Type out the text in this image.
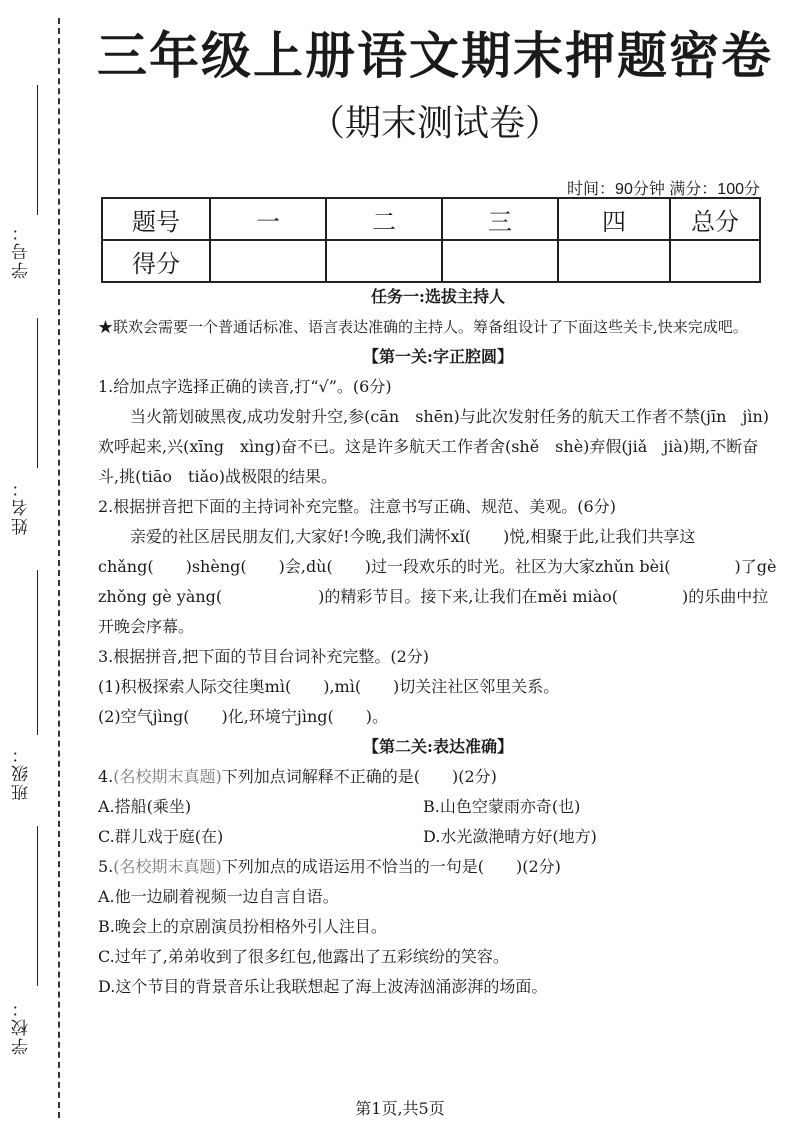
学号：
姓名：
班级：
学校：
三年级上册语文期末押题密卷
（期末测试卷）
时间：90分钟 满分：100分
题号	一	二	三	四	总分
得分					

任务一:选拔主持人

★联欢会需要一个普通话标准、语言表达准确的主持人。筹备组设计了下面这些关卡,快来完成吧。

【第一关:字正腔圆】

1.给加点字选择正确的读音,打“√”。(6分)

当火箭划破黑夜,成功发射升空,参(cān　shēn)与此次发射任务的航天工作者不禁(jīn　jìn)欢呼起来,兴(xīng　xìng)奋不已。这是许多航天工作者舍(shě　shè)弃假(jiǎ　jià)期,不断奋斗,挑(tiāo　tiǎo)战极限的结果。

2.根据拼音把下面的主持词补充完整。注意书写正确、规范、美观。(6分)

亲爱的社区居民朋友们,大家好!今晚,我们满怀xǐ(　　)悦,相聚于此,让我们共享这chǎng(　　)shèng(　　)会,dù(　　)过一段欢乐的时光。社区为大家zhǔn bèi(　　　　)了gè zhǒng gè yàng(　　　　　　)的精彩节目。接下来,让我们在měi miào(　　　　)的乐曲中拉开晚会序幕。

3.根据拼音,把下面的节目台词补充完整。(2分)

(1)积极探索人际交往奥mì(　　),mì(　　)切关注社区邻里关系。

(2)空气jìng(　　)化,环境宁jìng(　　)。

【第二关:表达准确】

4.(名校期末真题)下列加点词解释不正确的是(　　)(2分)

A.搭船(乘坐)	B.山色空蒙雨亦奇(也)
C.群儿戏于庭(在)	D.水光潋滟晴方好(地方)

5.(名校期末真题)下列加点的成语运用不恰当的一句是(　　)(2分)

A.他一边刷着视频一边自言自语。

B.晚会上的京剧演员扮相格外引人注目。

C.过年了,弟弟收到了很多红包,他露出了五彩缤纷的笑容。

D.这个节目的背景音乐让我联想起了海上波涛汹涌澎湃的场面。

第1页,共5页
